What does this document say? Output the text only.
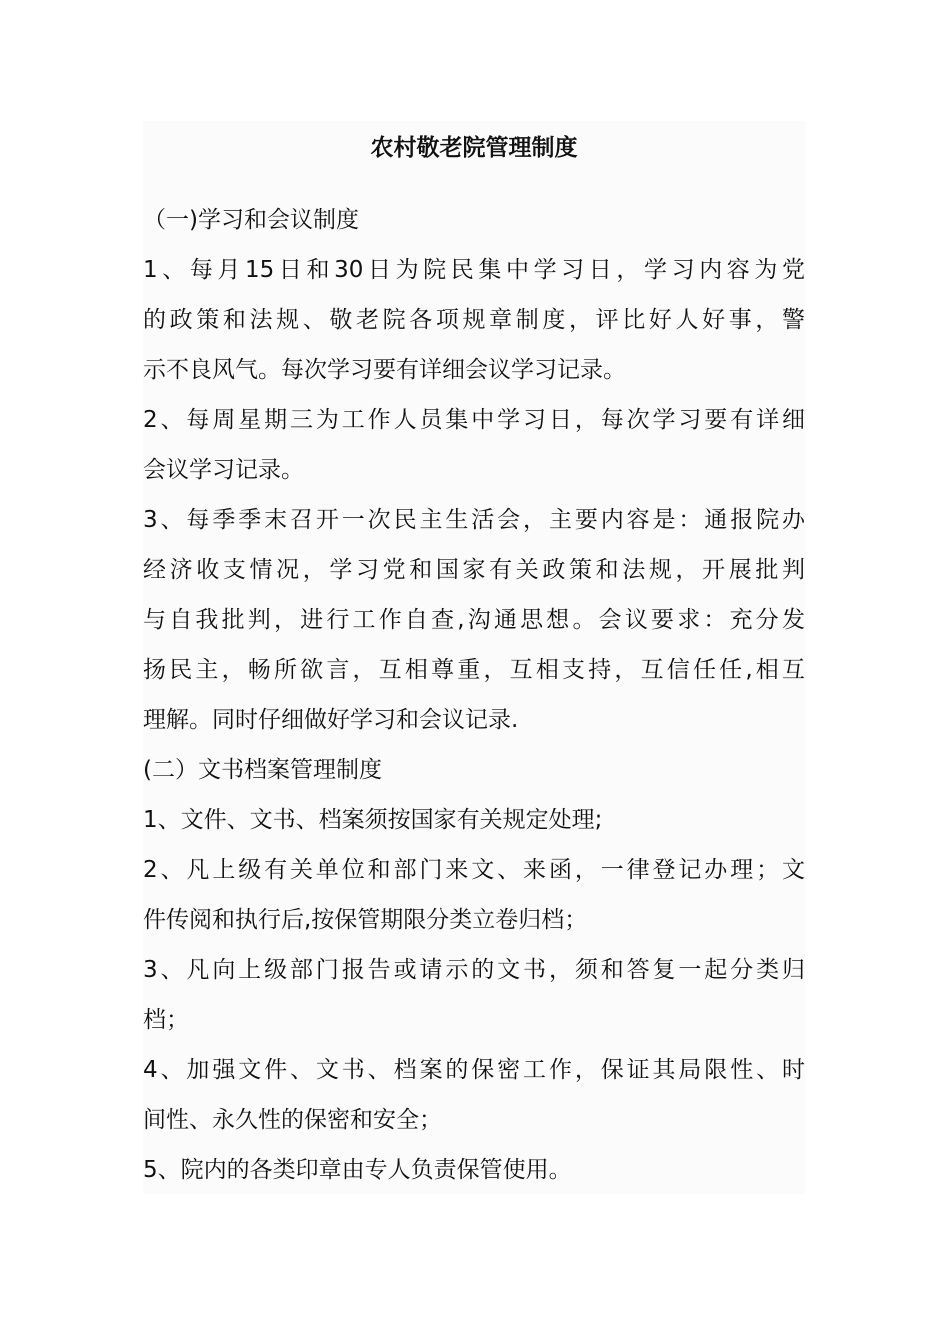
农村敬老院管理制度
（一)学习和会议制度
1、每月15日和30日为院民集中学习日，学习内容为党
的政策和法规、敬老院各项规章制度，评比好人好事，警
示不良风气。每次学习要有详细会议学习记录。
2、每周星期三为工作人员集中学习日，每次学习要有详细
会议学习记录。
3、每季季末召开一次民主生活会，主要内容是：通报院办
经济收支情况，学习党和国家有关政策和法规，开展批判
与自我批判，进行工作自查,沟通思想。会议要求：充分发
扬民主，畅所欲言，互相尊重，互相支持，互信任任,相互
理解。同时仔细做好学习和会议记录.
(二）文书档案管理制度
1、文件、文书、档案须按国家有关规定处理;
2、凡上级有关单位和部门来文、来函，一律登记办理；文
件传阅和执行后,按保管期限分类立卷归档；
3、凡向上级部门报告或请示的文书，须和答复一起分类归
档；
4、加强文件、文书、档案的保密工作，保证其局限性、时
间性、永久性的保密和安全；
5、院内的各类印章由专人负责保管使用。
